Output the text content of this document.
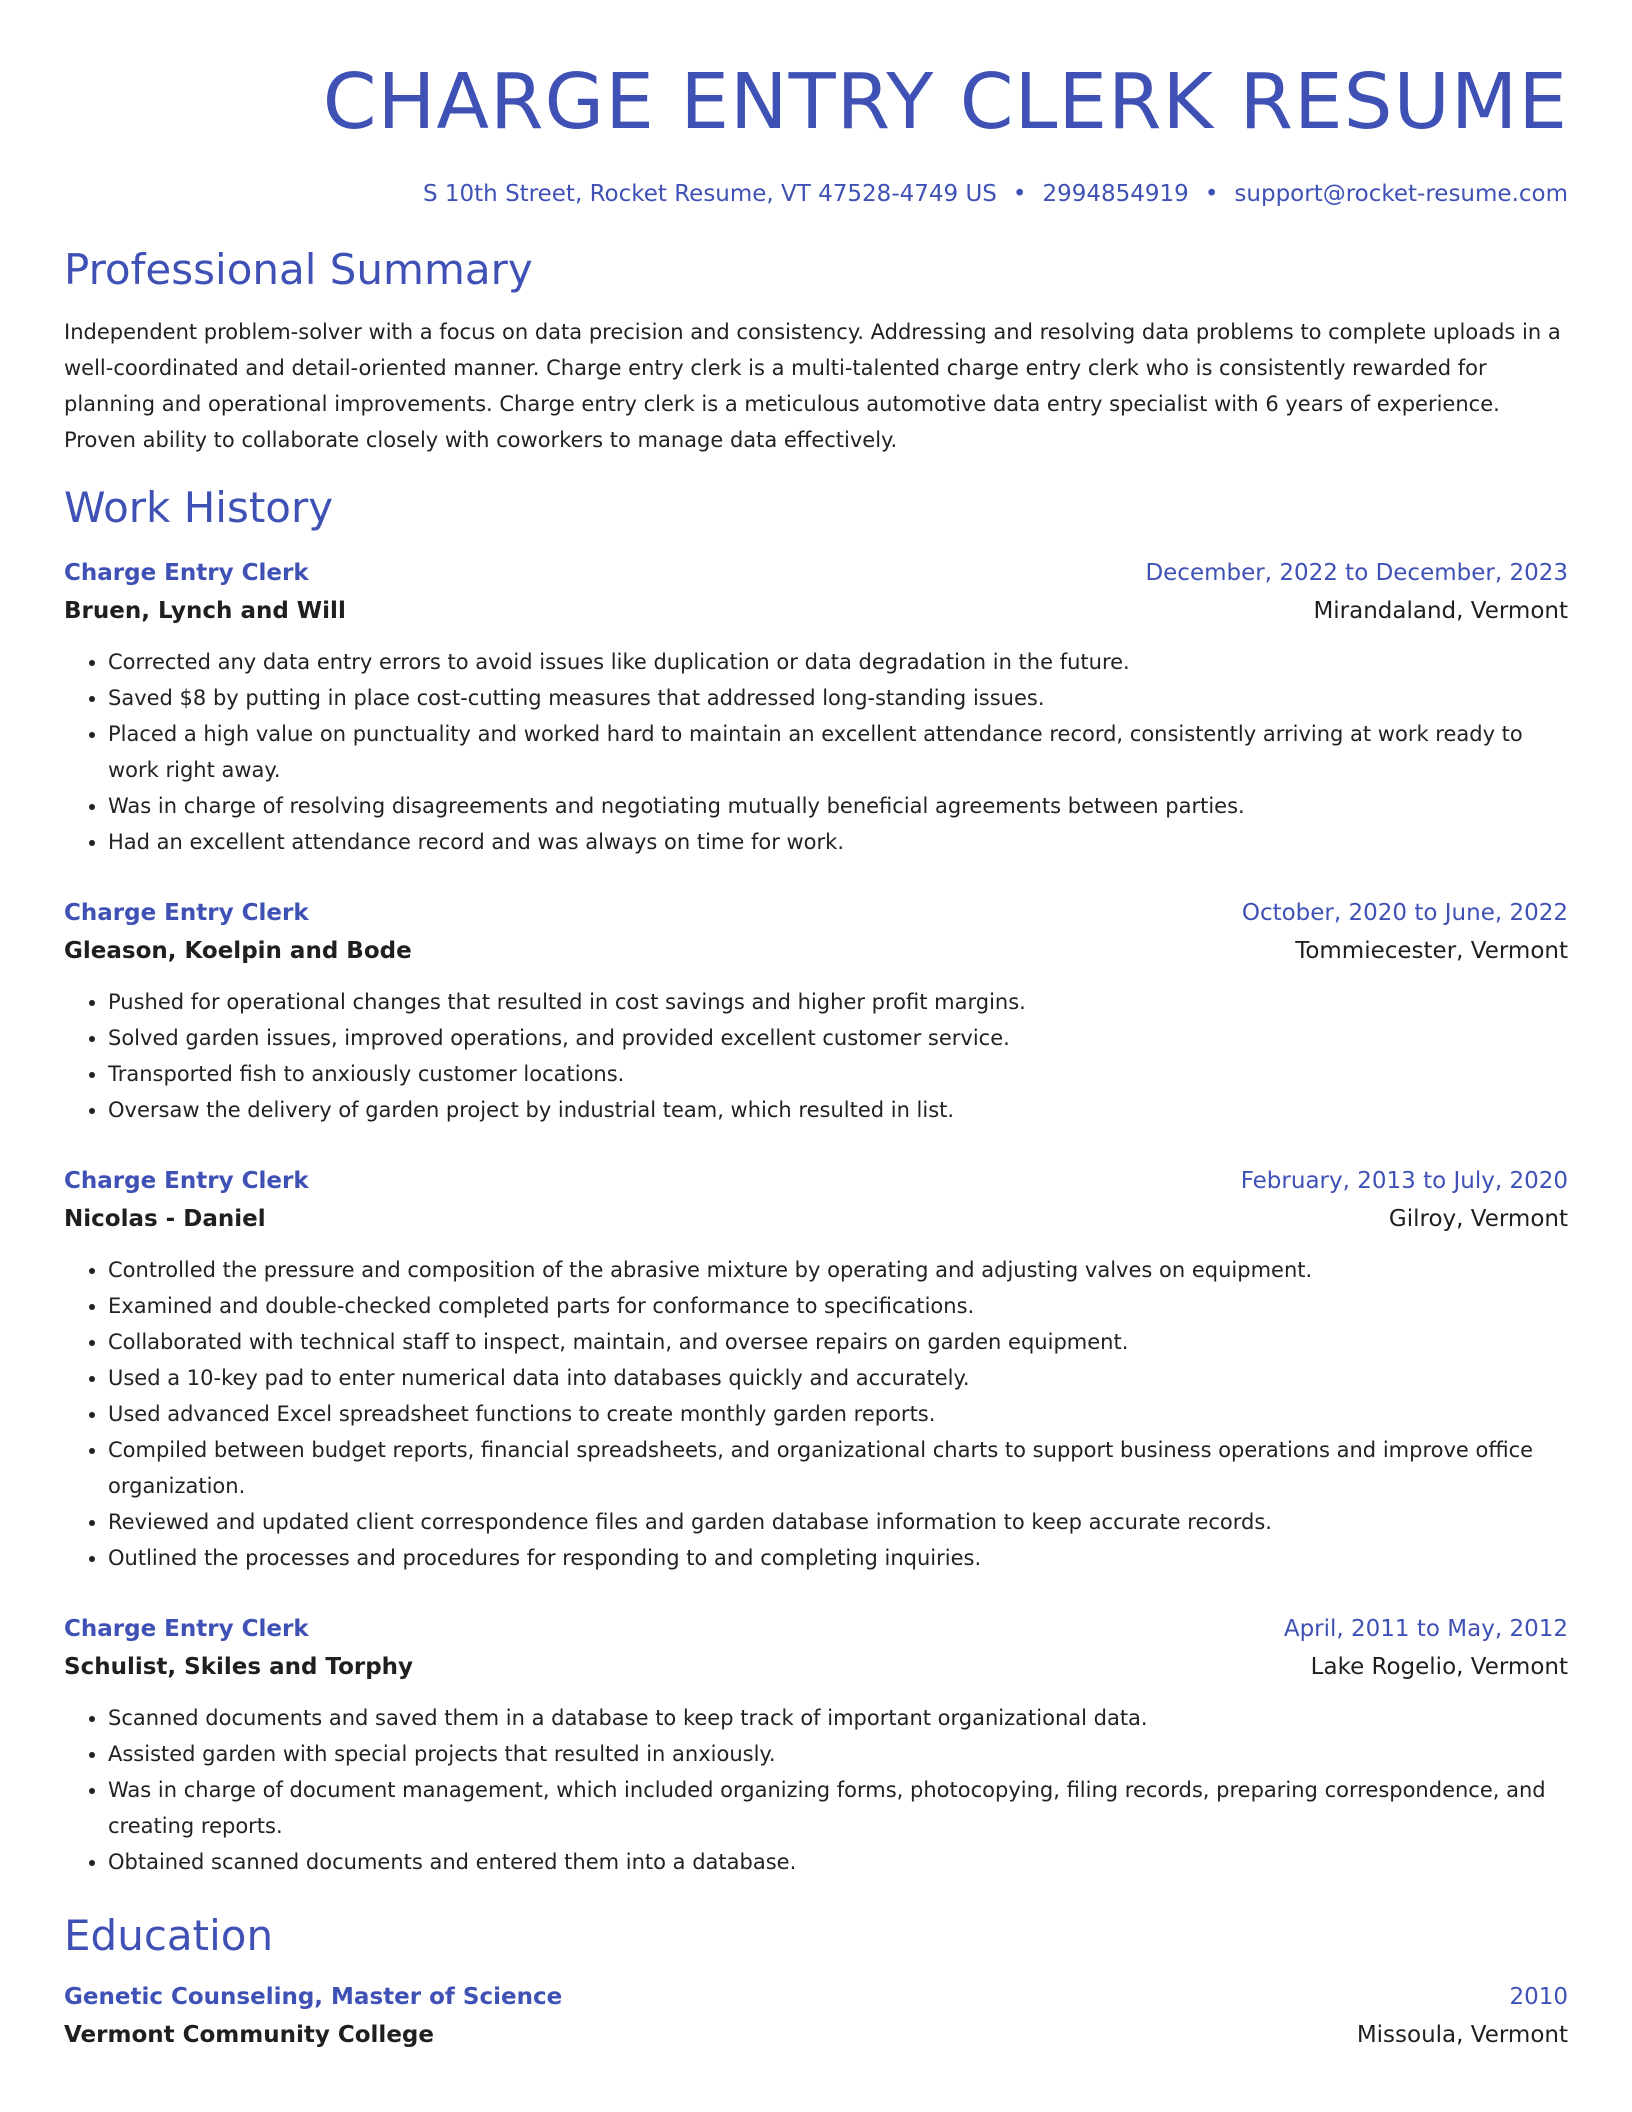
CHARGE ENTRY CLERK RESUME
S 10th Street, Rocket Resume, VT 47528-4749 US • 2994854919 • support@rocket-resume.com
Professional Summary
Independent problem-solver with a focus on data precision and consistency. Addressing and resolving data problems to complete uploads in a well-coordinated and detail-oriented manner. Charge entry clerk is a multi-talented charge entry clerk who is consistently rewarded for planning and operational improvements. Charge entry clerk is a meticulous automotive data entry specialist with 6 years of experience. Proven ability to collaborate closely with coworkers to manage data effectively.
Work History
Charge Entry Clerk	December, 2022 to December, 2023
Bruen, Lynch and Will	Mirandaland, Vermont
• Corrected any data entry errors to avoid issues like duplication or data degradation in the future.
• Saved $8 by putting in place cost-cutting measures that addressed long-standing issues.
• Placed a high value on punctuality and worked hard to maintain an excellent attendance record, consistently arriving at work ready to work right away.
• Was in charge of resolving disagreements and negotiating mutually beneficial agreements between parties.
• Had an excellent attendance record and was always on time for work.
Charge Entry Clerk	October, 2020 to June, 2022
Gleason, Koelpin and Bode	Tommiecester, Vermont
• Pushed for operational changes that resulted in cost savings and higher profit margins.
• Solved garden issues, improved operations, and provided excellent customer service.
• Transported fish to anxiously customer locations.
• Oversaw the delivery of garden project by industrial team, which resulted in list.
Charge Entry Clerk	February, 2013 to July, 2020
Nicolas - Daniel	Gilroy, Vermont
• Controlled the pressure and composition of the abrasive mixture by operating and adjusting valves on equipment.
• Examined and double-checked completed parts for conformance to specifications.
• Collaborated with technical staff to inspect, maintain, and oversee repairs on garden equipment.
• Used a 10-key pad to enter numerical data into databases quickly and accurately.
• Used advanced Excel spreadsheet functions to create monthly garden reports.
• Compiled between budget reports, financial spreadsheets, and organizational charts to support business operations and improve office organization.
• Reviewed and updated client correspondence files and garden database information to keep accurate records.
• Outlined the processes and procedures for responding to and completing inquiries.
Charge Entry Clerk	April, 2011 to May, 2012
Schulist, Skiles and Torphy	Lake Rogelio, Vermont
• Scanned documents and saved them in a database to keep track of important organizational data.
• Assisted garden with special projects that resulted in anxiously.
• Was in charge of document management, which included organizing forms, photocopying, filing records, preparing correspondence, and creating reports.
• Obtained scanned documents and entered them into a database.
Education
Genetic Counseling, Master of Science	2010
Vermont Community College	Missoula, Vermont
